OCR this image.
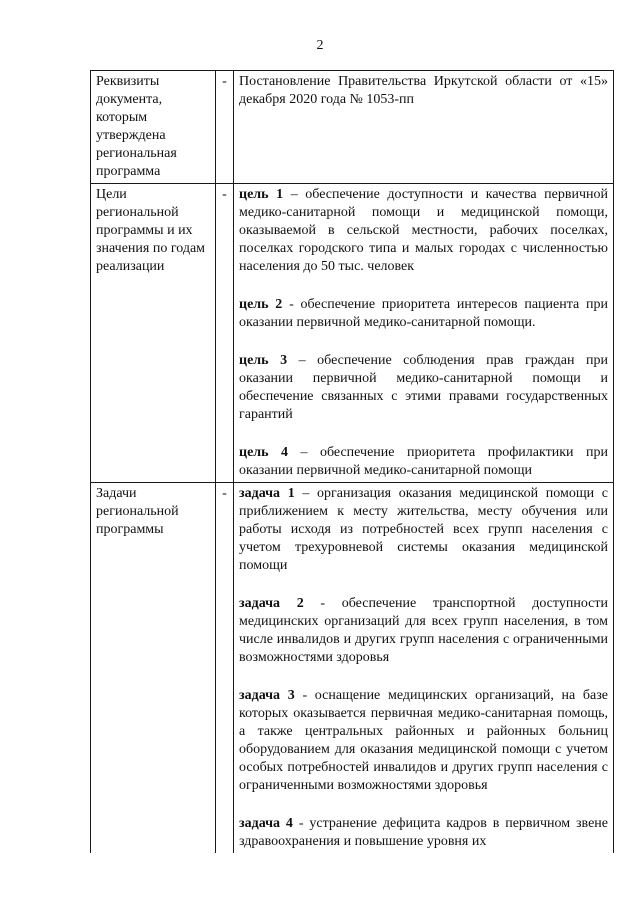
2
Реквизиты документа, которым утверждена региональная программа	-	Постановление Правительства Иркутской области от «15» декабря 2020 года № 1053-пп

Цели региональной программы и их значения по годам реализации	-	цель 1 – обеспечение доступности и качества первичной медико-санитарной помощи и медицинской помощи, оказываемой в сельской местности, рабочих поселках, поселках городского типа и малых городах с численностью населения до 50 тыс. человек

цель 2 - обеспечение приоритета интересов пациента при оказании первичной медико-санитарной помощи.

цель 3 – обеспечение соблюдения прав граждан при оказании первичной медико-санитарной помощи и обеспечение связанных с этими правами государственных гарантий

цель 4 – обеспечение приоритета профилактики при оказании первичной медико-санитарной помощи

Задачи региональной программы	-	задача 1 – организация оказания медицинской помощи с приближением к месту жительства, месту обучения или работы исходя из потребностей всех групп населения с учетом трехуровневой системы оказания медицинской помощи

задача 2 - обеспечение транспортной доступности медицинских организаций для всех групп населения, в том числе инвалидов и других групп населения с ограниченными возможностями здоровья

задача 3 - оснащение медицинских организаций, на базе которых оказывается первичная медико-санитарная помощь, а также центральных районных и районных больниц оборудованием для оказания медицинской помощи с учетом особых потребностей инвалидов и других групп населения с ограниченными возможностями здоровья

задача 4 - устранение дефицита кадров в первичном звене здравоохранения и повышение уровня их
